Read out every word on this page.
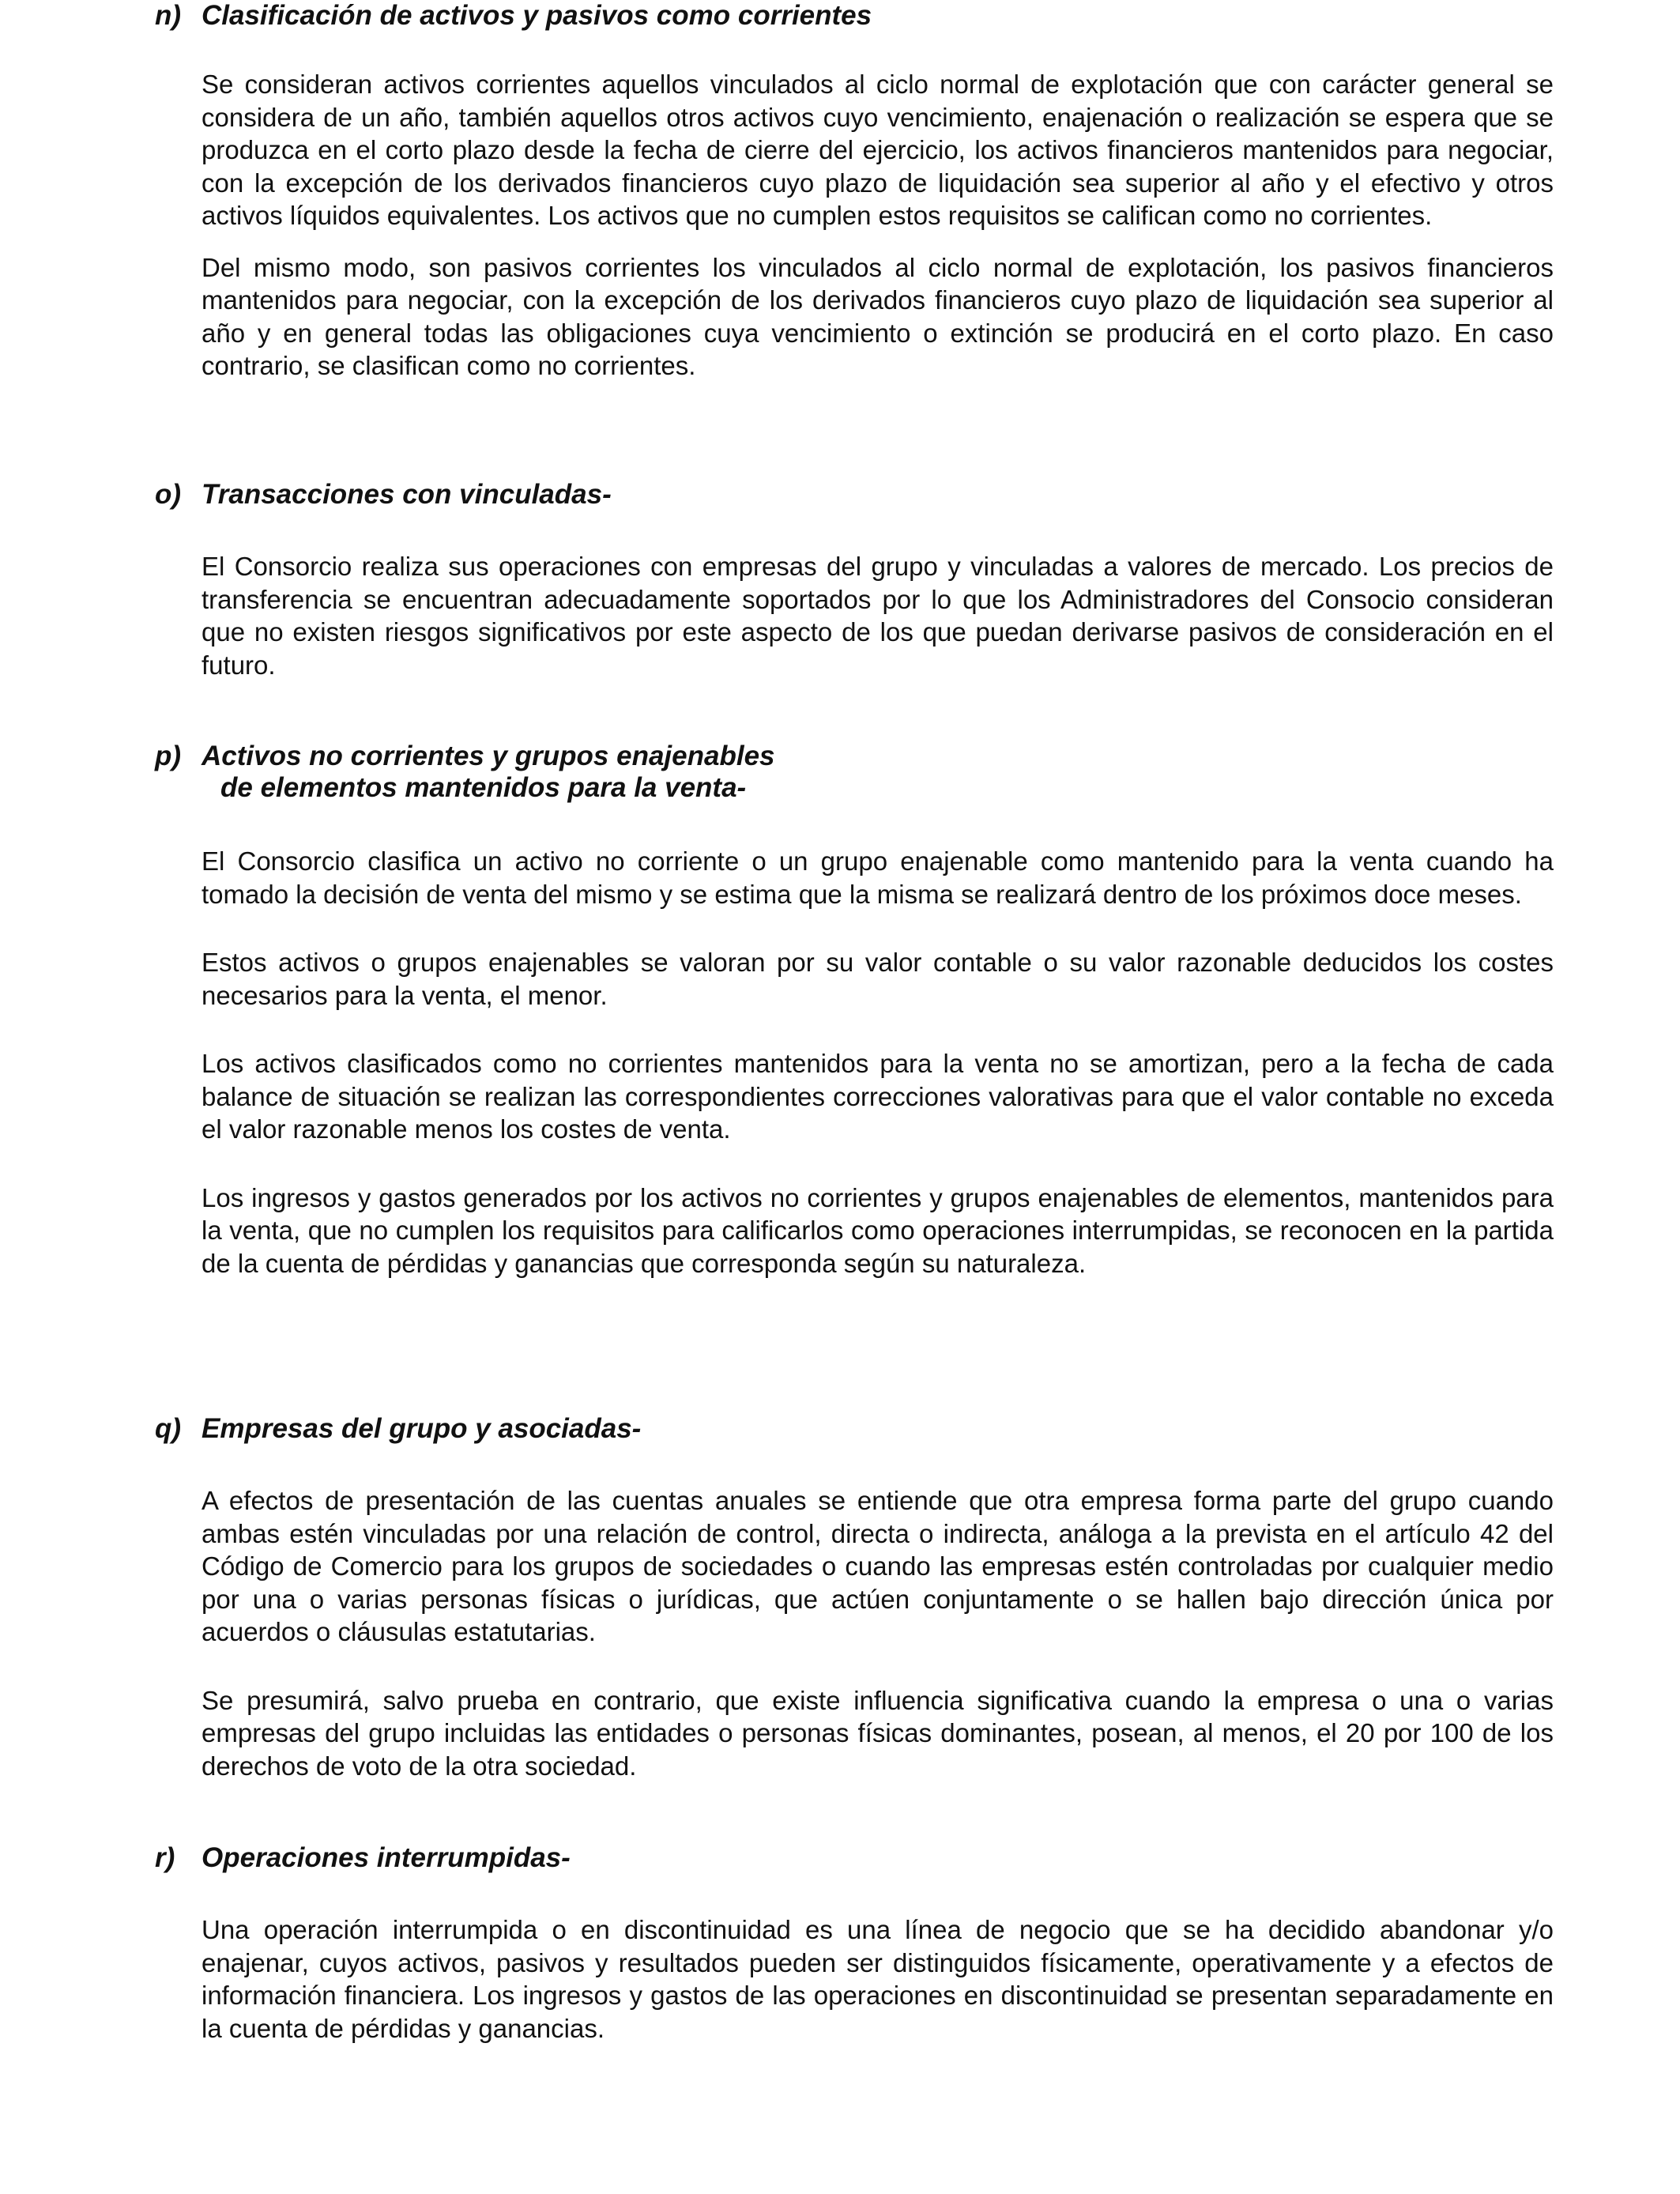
n) Clasificación de activos y pasivos como corrientes

Se consideran activos corrientes aquellos vinculados al ciclo normal de explotación que con carácter general se considera de un año, también aquellos otros activos cuyo vencimiento, enajenación o realización se espera que se produzca en el corto plazo desde la fecha de cierre del ejercicio, los activos financieros mantenidos para negociar, con la excepción de los derivados financieros cuyo plazo de liquidación sea superior al año y el efectivo y otros activos líquidos equivalentes. Los activos que no cumplen estos requisitos se califican como no corrientes.

Del mismo modo, son pasivos corrientes los vinculados al ciclo normal de explotación, los pasivos financieros mantenidos para negociar, con la excepción de los derivados financieros cuyo plazo de liquidación sea superior al año y en general todas las obligaciones cuya vencimiento o extinción se producirá en el corto plazo. En caso contrario, se clasifican como no corrientes.

o) Transacciones con vinculadas-

El Consorcio realiza sus operaciones con empresas del grupo y vinculadas a valores de mercado. Los precios de transferencia se encuentran adecuadamente soportados por lo que los Administradores del Consocio consideran que no existen riesgos significativos por este aspecto de los que puedan derivarse pasivos de consideración en el futuro.

p) Activos no corrientes y grupos enajenables
de elementos mantenidos para la venta-

El Consorcio clasifica un activo no corriente o un grupo enajenable como mantenido para la venta cuando ha tomado la decisión de venta del mismo y se estima que la misma se realizará dentro de los próximos doce meses.

Estos activos o grupos enajenables se valoran por su valor contable o su valor razonable deducidos los costes necesarios para la venta, el menor.

Los activos clasificados como no corrientes mantenidos para la venta no se amortizan, pero a la fecha de cada balance de situación se realizan las correspondientes correcciones valorativas para que el valor contable no exceda el valor razonable menos los costes de venta.

Los ingresos y gastos generados por los activos no corrientes y grupos enajenables de elementos, mantenidos para la venta, que no cumplen los requisitos para calificarlos como operaciones interrumpidas, se reconocen en la partida de la cuenta de pérdidas y ganancias que corresponda según su naturaleza.

q) Empresas del grupo y asociadas-

A efectos de presentación de las cuentas anuales se entiende que otra empresa forma parte del grupo cuando ambas estén vinculadas por una relación de control, directa o indirecta, análoga a la prevista en el artículo 42 del Código de Comercio para los grupos de sociedades o cuando las empresas estén controladas por cualquier medio por una o varias personas físicas o jurídicas, que actúen conjuntamente o se hallen bajo dirección única por acuerdos o cláusulas estatutarias.

Se presumirá, salvo prueba en contrario, que existe influencia significativa cuando la empresa o una o varias empresas del grupo incluidas las entidades o personas físicas dominantes, posean, al menos, el 20 por 100 de los derechos de voto de la otra sociedad.

r) Operaciones interrumpidas-

Una operación interrumpida o en discontinuidad es una línea de negocio que se ha decidido abandonar y/o enajenar, cuyos activos, pasivos y resultados pueden ser distinguidos físicamente, operativamente y a efectos de información financiera. Los ingresos y gastos de las operaciones en discontinuidad se presentan separadamente en la cuenta de pérdidas y ganancias.
